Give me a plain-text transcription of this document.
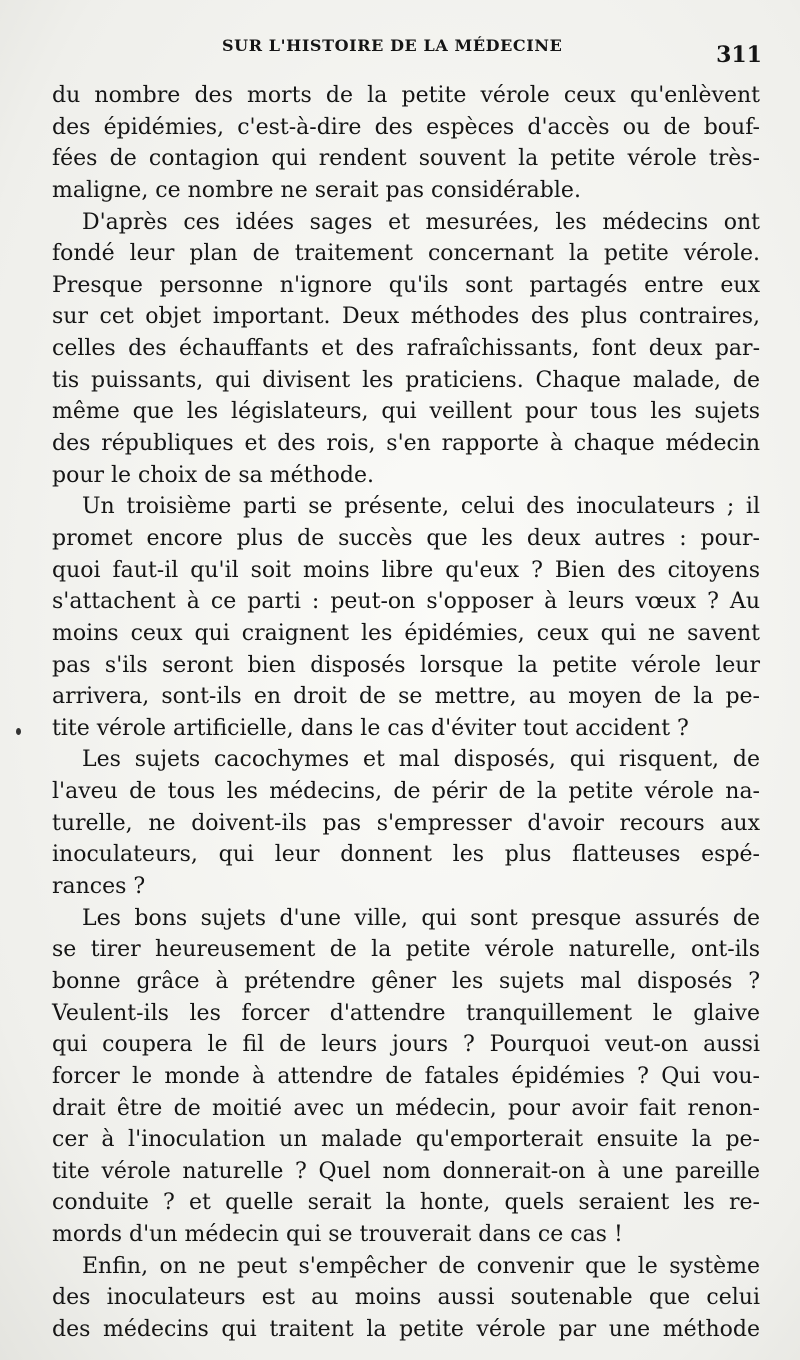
SUR L'HISTOIRE DE LA MÉDECINE	311
du nombre des morts de la petite vérole ceux qu'enlèvent
des épidémies, c'est-à-dire des espèces d'accès ou de bouf-
fées de contagion qui rendent souvent la petite vérole très-
maligne, ce nombre ne serait pas considérable.
D'après ces idées sages et mesurées, les médecins ont
fondé leur plan de traitement concernant la petite vérole.
Presque personne n'ignore qu'ils sont partagés entre eux
sur cet objet important. Deux méthodes des plus contraires,
celles des échauffants et des rafraîchissants, font deux par-
tis puissants, qui divisent les praticiens. Chaque malade, de
même que les législateurs, qui veillent pour tous les sujets
des républiques et des rois, s'en rapporte à chaque médecin
pour le choix de sa méthode.
Un troisième parti se présente, celui des inoculateurs ; il
promet encore plus de succès que les deux autres : pour-
quoi faut-il qu'il soit moins libre qu'eux ? Bien des citoyens
s'attachent à ce parti : peut-on s'opposer à leurs vœux ? Au
moins ceux qui craignent les épidémies, ceux qui ne savent
pas s'ils seront bien disposés lorsque la petite vérole leur
arrivera, sont-ils en droit de se mettre, au moyen de la pe-
tite vérole artificielle, dans le cas d'éviter tout accident ?
Les sujets cacochymes et mal disposés, qui risquent, de
l'aveu de tous les médecins, de périr de la petite vérole na-
turelle, ne doivent-ils pas s'empresser d'avoir recours aux
inoculateurs, qui leur donnent les plus flatteuses espé-
rances ?
Les bons sujets d'une ville, qui sont presque assurés de
se tirer heureusement de la petite vérole naturelle, ont-ils
bonne grâce à prétendre gêner les sujets mal disposés ?
Veulent-ils les forcer d'attendre tranquillement le glaive
qui coupera le fil de leurs jours ? Pourquoi veut-on aussi
forcer le monde à attendre de fatales épidémies ? Qui vou-
drait être de moitié avec un médecin, pour avoir fait renon-
cer à l'inoculation un malade qu'emporterait ensuite la pe-
tite vérole naturelle ? Quel nom donnerait-on à une pareille
conduite ? et quelle serait la honte, quels seraient les re-
mords d'un médecin qui se trouverait dans ce cas !
Enfin, on ne peut s'empêcher de convenir que le système
des inoculateurs est au moins aussi soutenable que celui
des médecins qui traitent la petite vérole par une méthode
